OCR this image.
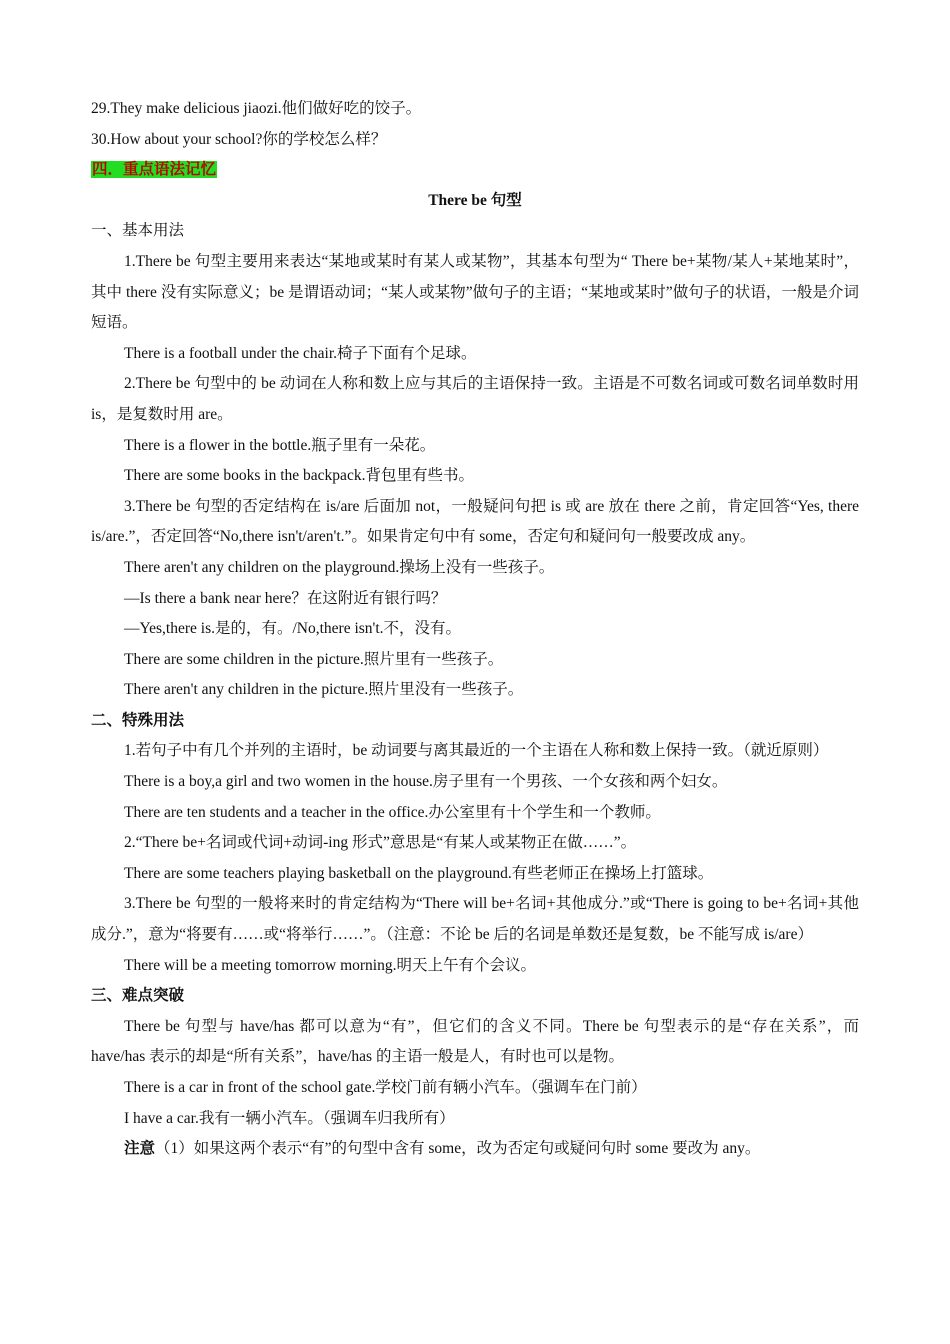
29.They make delicious jiaozi.他们做好吃的饺子。

30.How about your school?你的学校怎么样？

四．重点语法记忆

There be 句型

一、基本用法

1.There be 句型主要用来表达“某地或某时有某人或某物”，其基本句型为“ There be+某物/某人+某地某时”，其中 there 没有实际意义；be 是谓语动词；“某人或某物”做句子的主语；“某地或某时”做句子的状语，一般是介词短语。

There is a football under the chair.椅子下面有个足球。

2.There be 句型中的 be 动词在人称和数上应与其后的主语保持一致。主语是不可数名词或可数名词单数时用 is，是复数时用 are。

There is a flower in the bottle.瓶子里有一朵花。

There are some books in the backpack.背包里有些书。

3.There be 句型的否定结构在 is/are 后面加 not，一般疑问句把 is 或 are 放在 there 之前，肯定回答“Yes, there is/are.”，否定回答“No,there isn't/aren't.”。如果肯定句中有 some，否定句和疑问句一般要改成 any。

There aren't any children on the playground.操场上没有一些孩子。

—Is there a bank near here？在这附近有银行吗？

—Yes,there is.是的，有。/No,there isn't.不，没有。

There are some children in the picture.照片里有一些孩子。

There aren't any children in the picture.照片里没有一些孩子。

二、特殊用法

1.若句子中有几个并列的主语时，be 动词要与离其最近的一个主语在人称和数上保持一致。（就近原则）

There is a boy,a girl and two women in the house.房子里有一个男孩、一个女孩和两个妇女。

There are ten students and a teacher in the office.办公室里有十个学生和一个教师。

2.“There be+名词或代词+动词-ing 形式”意思是“有某人或某物正在做……”。

There are some teachers playing basketball on the playground.有些老师正在操场上打篮球。

3.There be 句型的一般将来时的肯定结构为“There will be+名词+其他成分.”或“There is going to be+名词+其他成分.”，意为“将要有……或“将举行……”。（注意：不论 be 后的名词是单数还是复数，be 不能写成 is/are）

There will be a meeting tomorrow morning.明天上午有个会议。

三、难点突破

There be 句型与 have/has 都可以意为“有”，但它们的含义不同。There be 句型表示的是“存在关系”，而 have/has 表示的却是“所有关系”，have/has 的主语一般是人，有时也可以是物。

There is a car in front of the school gate.学校门前有辆小汽车。（强调车在门前）

I have a car.我有一辆小汽车。（强调车归我所有）

注意（1）如果这两个表示“有”的句型中含有 some，改为否定句或疑问句时 some 要改为 any。
